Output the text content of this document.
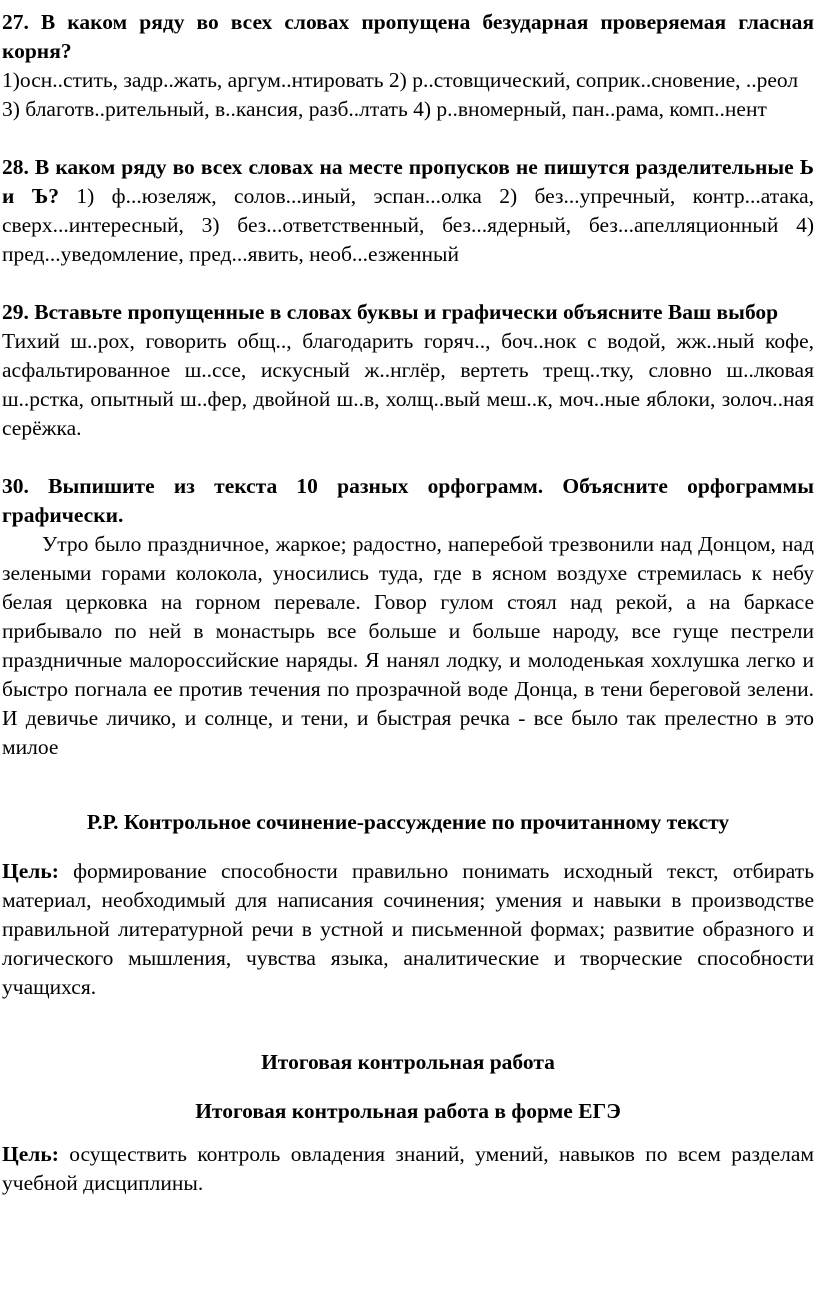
27. В каком ряду во всех словах пропущена безударная проверяемая гласная корня?

1)осн..стить, задр..жать, аргум..нтировать 2) р..стовщический, соприк..сновение, ..реол

3) благотв..рительный, в..кансия, разб..лтать 4) р..вномерный, пан..рама, комп..нент

28. В каком ряду во всех словах на месте пропусков не пишутся разделительные Ь и Ъ? 1) ф...юзеляж, солов...иный, эспан...олка 2) без...упречный, контр...атака, сверх...интересный, 3) без...ответственный, без...ядерный, без...апелляционный 4) пред...уведомление, пред...явить, необ...езженный

29. Вставьте пропущенные в словах буквы и графически объясните Ваш выбор

Тихий ш..рох, говорить общ.., благодарить горяч.., боч..нок с водой, жж..ный кофе, асфальтированное ш..ссе, искусный ж..нглёр, вертеть трещ..тку, словно ш..лковая ш..рстка, опытный ш..фер, двойной ш..в, холщ..вый меш..к, моч..ные яблоки, золоч..ная серёжка.

30. Выпишите из текста 10 разных орфограмм. Объясните орфограммы графически.

Утро было праздничное, жаркое; радостно, наперебой трезвонили над Донцом, над зелеными горами колокола, уносились туда, где в ясном воздухе стремилась к небу белая церковка на горном перевале. Говор гулом стоял над рекой, а на баркасе прибывало по ней в монастырь все больше и больше народу, все гуще пестрели праздничные малороссийские наряды. Я нанял лодку, и молоденькая хохлушка легко и быстро погнала ее против течения по прозрачной воде Донца, в тени береговой зелени. И девичье личико, и солнце, и тени, и быстрая речка - все было так прелестно в это милое

Р.Р. Контрольное сочинение-рассуждение по прочитанному тексту

Цель: формирование способности правильно понимать исходный текст, отбирать материал, необходимый для написания сочинения; умения и навыки в производстве правильной литературной речи в устной и письменной формах; развитие образного и логического мышления, чувства языка, аналитические и творческие способности учащихся.

Итоговая контрольная работа

Итоговая контрольная работа в форме ЕГЭ

Цель: осуществить контроль овладения знаний, умений, навыков по всем разделам учебной дисциплины.
